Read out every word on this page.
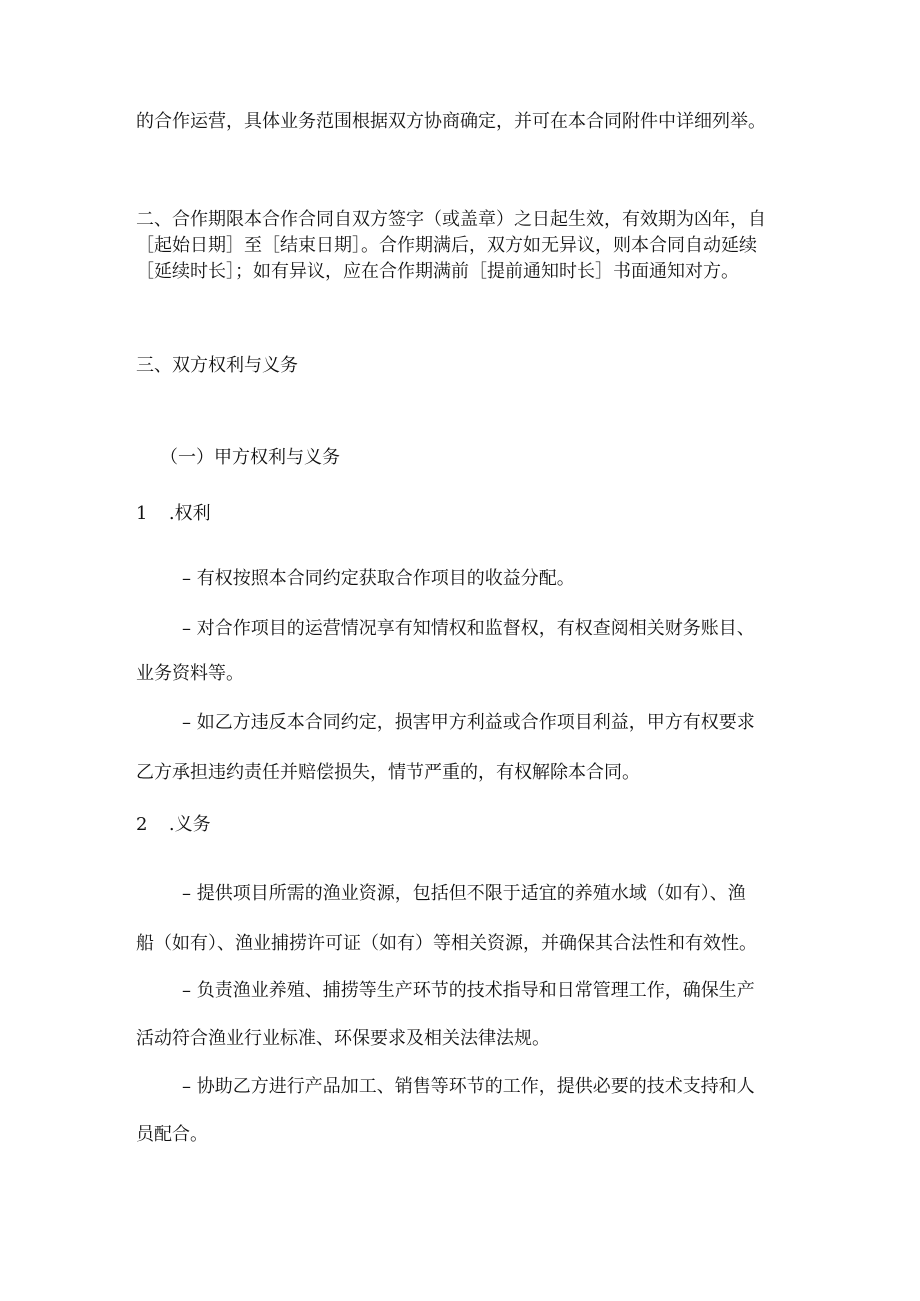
的合作运营，具体业务范围根据双方协商确定，并可在本合同附件中详细列举。
二、合作期限本合作合同自双方签字（或盖章）之日起生效，有效期为凶年，自
［起始日期］至［结束日期］。合作期满后，双方如无异议，则本合同自动延续
［延续时长］；如有异议，应在合作期满前［提前通知时长］书面通知对方。
三、双方权利与义务
（一）甲方权利与义务
1 .权利
– 有权按照本合同约定获取合作项目的收益分配。
– 对合作项目的运营情况享有知情权和监督权，有权查阅相关财务账目、
业务资料等。
– 如乙方违反本合同约定，损害甲方利益或合作项目利益，甲方有权要求
乙方承担违约责任并赔偿损失，情节严重的，有权解除本合同。
2 .义务
– 提供项目所需的渔业资源，包括但不限于适宜的养殖水域（如有）、渔
船（如有）、渔业捕捞许可证（如有）等相关资源，并确保其合法性和有效性。
– 负责渔业养殖、捕捞等生产环节的技术指导和日常管理工作，确保生产
活动符合渔业行业标准、环保要求及相关法律法规。
– 协助乙方进行产品加工、销售等环节的工作，提供必要的技术支持和人
员配合。
